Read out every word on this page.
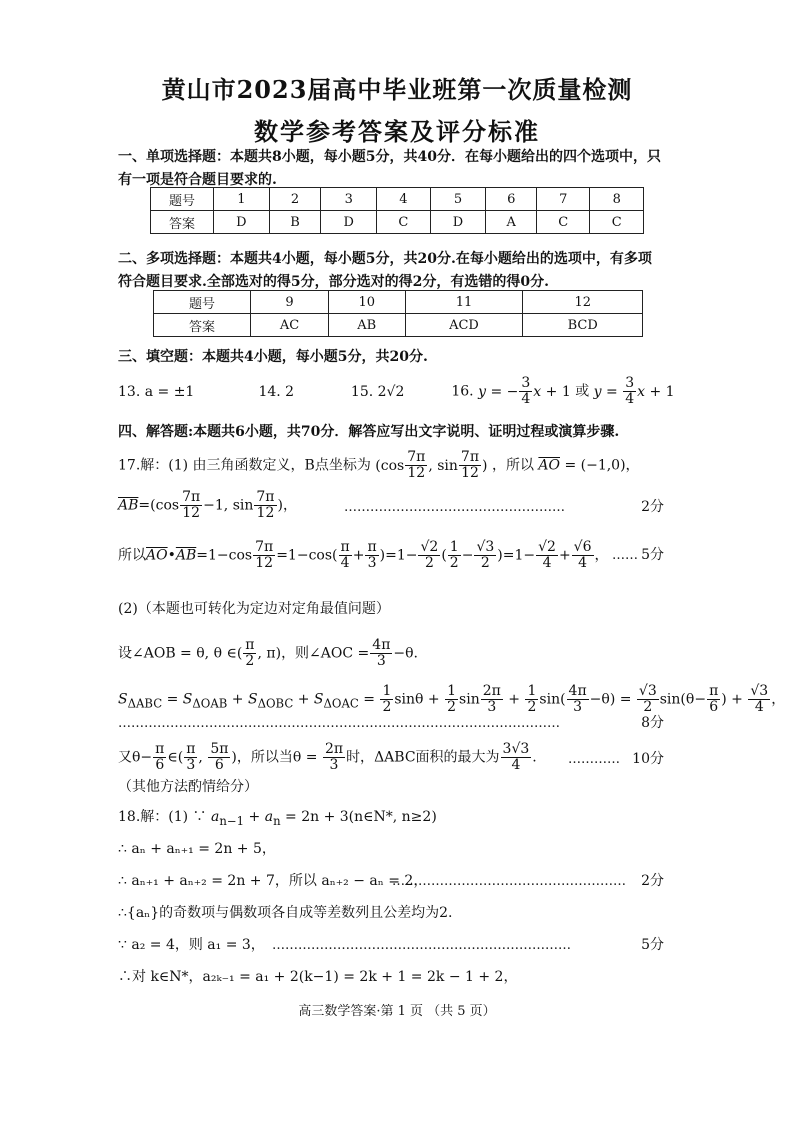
黄山市2023届高中毕业班第一次质量检测
数学参考答案及评分标准
一、单项选择题：本题共8小题，每小题5分，共40分．在每小题给出的四个选项中，只
有一项是符合题目要求的.
题号	1	2	3	4	5	6	7	8
答案	D	B	D	C	D	A	C	C
二、多项选择题：本题共4小题，每小题5分，共20分.在每小题给出的选项中，有多项
符合题目要求.全部选对的得5分，部分选对的得2分，有选错的得0分.
题号	9	10	11	12
答案	AC	AB	ACD	BCD
三、填空题：本题共4小题，每小题5分，共20分.
13. a = ±1	14. 2	15. 2√2	16. y = − $\frac{3}{4}$ x + 1 或 $y = \frac{3}{4}$ x + 1
四、解答题:本题共6小题，共70分．解答应写出文字说明、证明过程或演算步骤.
17.解：(1) 由三角函数定义，B点坐标为 ($\cos \frac{7\pi}{12}$ , $\sin \frac{7\pi}{12}$ ) ，所以 $\overline{AO} = (-1,0)$，
$\overline{AB}=(\cos \frac{7\pi}{12} -1$, $\sin \frac{7\pi}{12}$ )，	……………………………………………	2分
所以$\overline{AO}•\overline{AB}=1-\cos \frac{7\pi}{12} =1-\cos( \frac{\pi}{4} + \frac{\pi}{3} )=1- \frac{√2}{2}$ ( $\frac{1}{2} - \frac{√3}{2} )=1- \frac{√2}{4} + \frac{√6}{4}$ ， …… 5分
(2)（本题也可转化为定边对定角最值问题）
设∠AOB = θ, θ ∈( $\frac{\pi}{2}$ , π)，则∠AOC = $\frac{4\pi}{3} -\theta$.
$S_{\Delta ABC} = S_{\Delta OAB} + S_{\Delta OBC} + S_{\Delta OAC} = \frac{1}{2}$ $\sin\theta + \frac{1}{2}$ $\sin \frac{2\pi}{3} + \frac{1}{2} \sin( \frac{4\pi}{3} -\theta) = \frac{√3}{2} \sin(\theta- \frac{\pi}{6}$ ) + $\frac{√3}{4}$ ，
…………………………………………………………………………………………	8分
又$\theta- \frac{\pi}{6}$ ∈( $\frac{\pi}{3}$ , $\frac{5\pi}{6}$ )，所以当$\theta = \frac{2\pi}{3}$ 时，ΔABC面积的最大为 $\frac{3√3}{4}$ . ………… 10分
（其他方法酌情给分）
18.解：(1) ∵ $a_{n-1} + a_n = 2n$ + 3(n∈N*, n≥2)
∴ aₙ + aₙ₊₁ = 2n + 5，
∴ aₙ₊₁ + aₙ₊₂ = 2n + 7，所以 aₙ₊₂ − aₙ = 2，
……………………………………………… 2分
∴{aₙ}的奇数项与偶数项各自成等差数列且公差均为2.
∵ a₂ = 4，则 a₁ = 3， ……………………………………………………………	5分
∴对 k∈N*，a₂ₖ₋₁ = a₁ + 2(k−1) = 2k + 1 = 2k − 1 + 2，
高三数学答案·第 1 页 （共 5 页）
